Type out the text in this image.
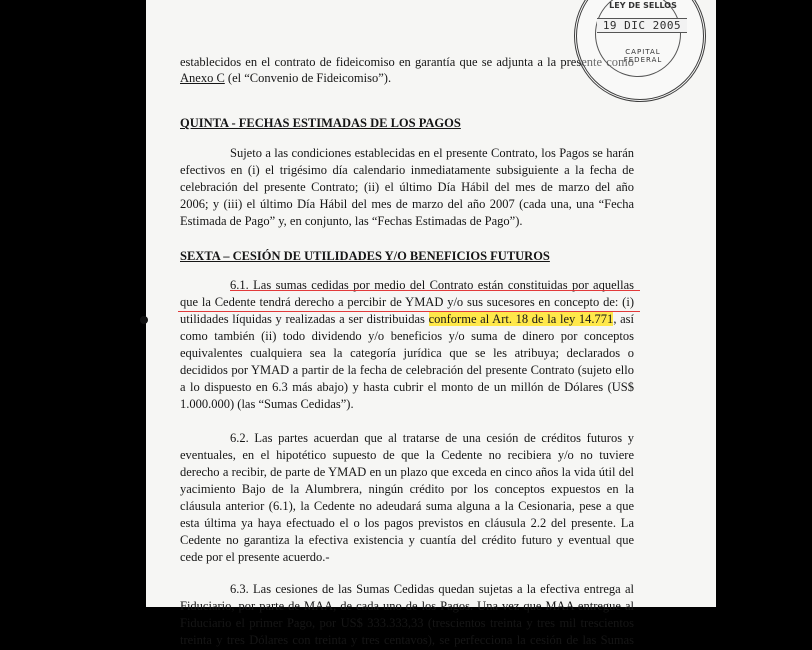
establecidos en el contrato de fideicomiso en garantía que se adjunta a la presente como
Anexo C (el “Convenio de Fideicomiso”).
QUINTA - FECHAS ESTIMADAS DE LOS PAGOS
Sujeto a las condiciones establecidas en el presente Contrato, los Pagos se harán
efectivos en (i) el trigésimo día calendario inmediatamente subsiguiente a la fecha de
celebración del presente Contrato; (ii) el último Día Hábil del mes de marzo del año
2006; y (iii) el último Día Hábil del mes de marzo del año 2007 (cada una, una “Fecha
Estimada de Pago” y, en conjunto, las “Fechas Estimadas de Pago”).
SEXTA – CESIÓN DE UTILIDADES Y/O BENEFICIOS FUTUROS
6.1. Las sumas cedidas por medio del Contrato están constituidas por aquellas
que la Cedente tendrá derecho a percibir de YMAD y/o sus sucesores en concepto de: (i)
utilidades líquidas y realizadas a ser distribuidas conforme al Art. 18 de la ley 14.771, así
como también (ii) todo dividendo y/o beneficios y/o suma de dinero por conceptos
equivalentes cualquiera sea la categoría jurídica que se les atribuya; declarados o
decididos por YMAD a partir de la fecha de celebración del presente Contrato (sujeto ello
a lo dispuesto en 6.3 más abajo) y hasta cubrir el monto de un millón de Dólares (US$
1.000.000) (las “Sumas Cedidas”).
6.2. Las partes acuerdan que al tratarse de una cesión de créditos futuros y
eventuales, en el hipotético supuesto de que la Cedente no recibiera y/o no tuviere
derecho a recibir, de parte de YMAD en un plazo que exceda en cinco años la vida útil del
yacimiento Bajo de la Alumbrera, ningún crédito por los conceptos expuestos en la
cláusula anterior (6.1), la Cedente no adeudará suma alguna a la Cesionaria, pese a que
esta última ya haya efectuado el o los pagos previstos en cláusula 2.2 del presente. La
Cedente no garantiza la efectiva existencia y cuantía del crédito futuro y eventual que
cede por el presente acuerdo.-
6.3. Las cesiones de las Sumas Cedidas quedan sujetas a la efectiva entrega al
Fiduciario, por parte de MAA, de cada uno de los Pagos. Una vez que MAA entregue al
Fiduciario el primer Pago, por US$ 333.333,33 (trescientos treinta y tres mil trescientos
treinta y tres Dólares con treinta y tres centavos), se perfecciona la cesión de las Sumas
LEY DE SELLOS
19 DIC 2005
CAPITAL FEDERAL
